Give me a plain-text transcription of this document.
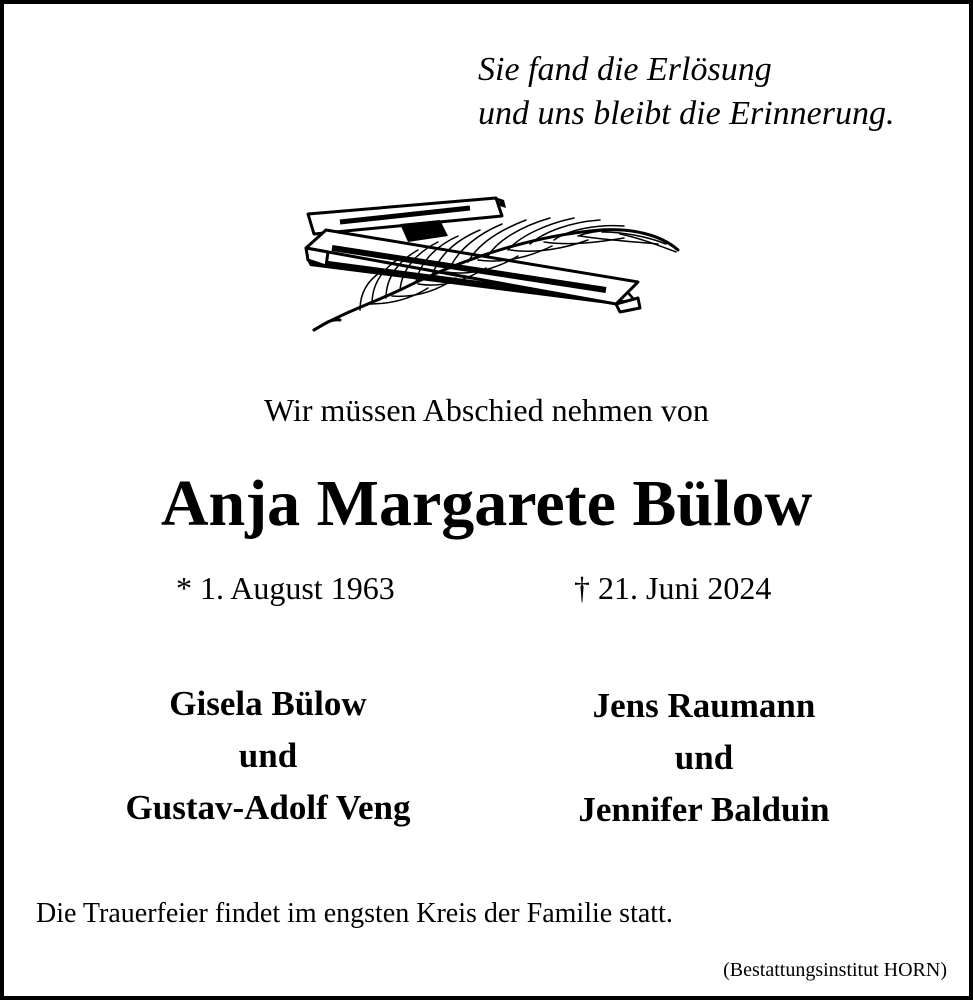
Sie fand die Erlösung
und uns bleibt die Erinnerung.

Wir müssen Abschied nehmen von

Anja Margarete Bülow

* 1. August 1963	† 21. Juni 2024

Gisela Bülow
und
Gustav-Adolf Veng
Jens Raumann
und
Jennifer Balduin

Die Trauerfeier findet im engsten Kreis der Familie statt.

(Bestattungsinstitut HORN)
